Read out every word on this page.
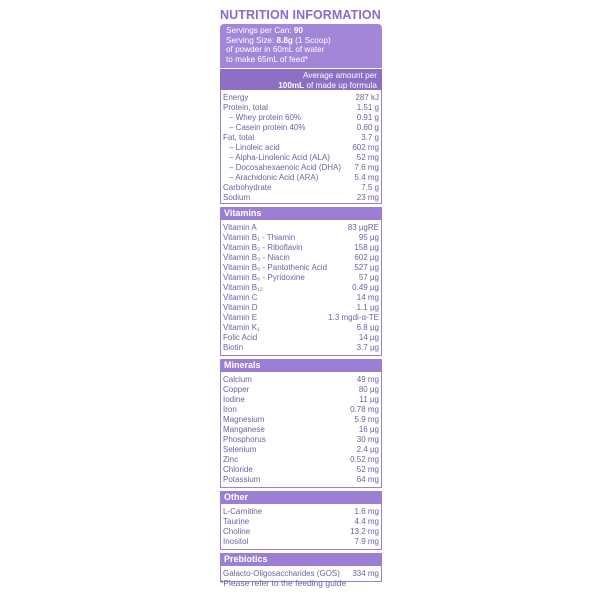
NUTRITION INFORMATION
Servings per Can: 90
Serving Size: 8.8g (1 Scoop)
of powder in 60mL of water
to make 65mL of feed*
Average amount per
100mL of made up formula
Energy	287 kJ
Protein, total	1.51 g
– Whey protein 60%	0.91 g
– Casein protein 40%	0.60 g
Fat, total	3.7 g
– Linoleic acid	602 mg
– Alpha-Linolenic Acid (ALA)	52 mg
– Docosahexaenoic Acid (DHA) 7.6 mg
– Arachidonic Acid (ARA)	5.4 mg
Carbohydrate	7.5 g
Sodium	23 mg
Vitamins
Vitamin A	83 µgRE
Vitamin B₁ - Thiamin	95 µg
Vitamin B₂ - Riboflavin	158 µg
Vitamin B₃ - Niacin	602 µg
Vitamin B₅ - Pantothenic Acid	527 µg
Vitamin B₆ - Pyridoxine	57 µg
Vitamin B₁₂	0.49 µg
Vitamin C	14 mg
Vitamin D	1.1 µg
Vitamin E	1.3 mgdi-α-TE
Vitamin K₁	6.8 µg
Folic Acid	14 µg
Biotin	3.7 µg
Minerals
Calcium	49 mg
Copper	80 µg
Iodine	11 µg
Iron	0.78 mg
Magnesium	5.9 mg
Manganese	16 µg
Phosphorus	30 mg
Selenium	2.4 µg
Zinc	0.52 mg
Chloride	52 mg
Potassium	64 mg
Other
L-Carnitine	1.6 mg
Taurine	4.4 mg
Choline	13.2 mg
Inositol	7.9 mg
Prebiotics
Galacto-Oligosaccharides (GOS) 334 mg
*Please refer to the feeding guide
